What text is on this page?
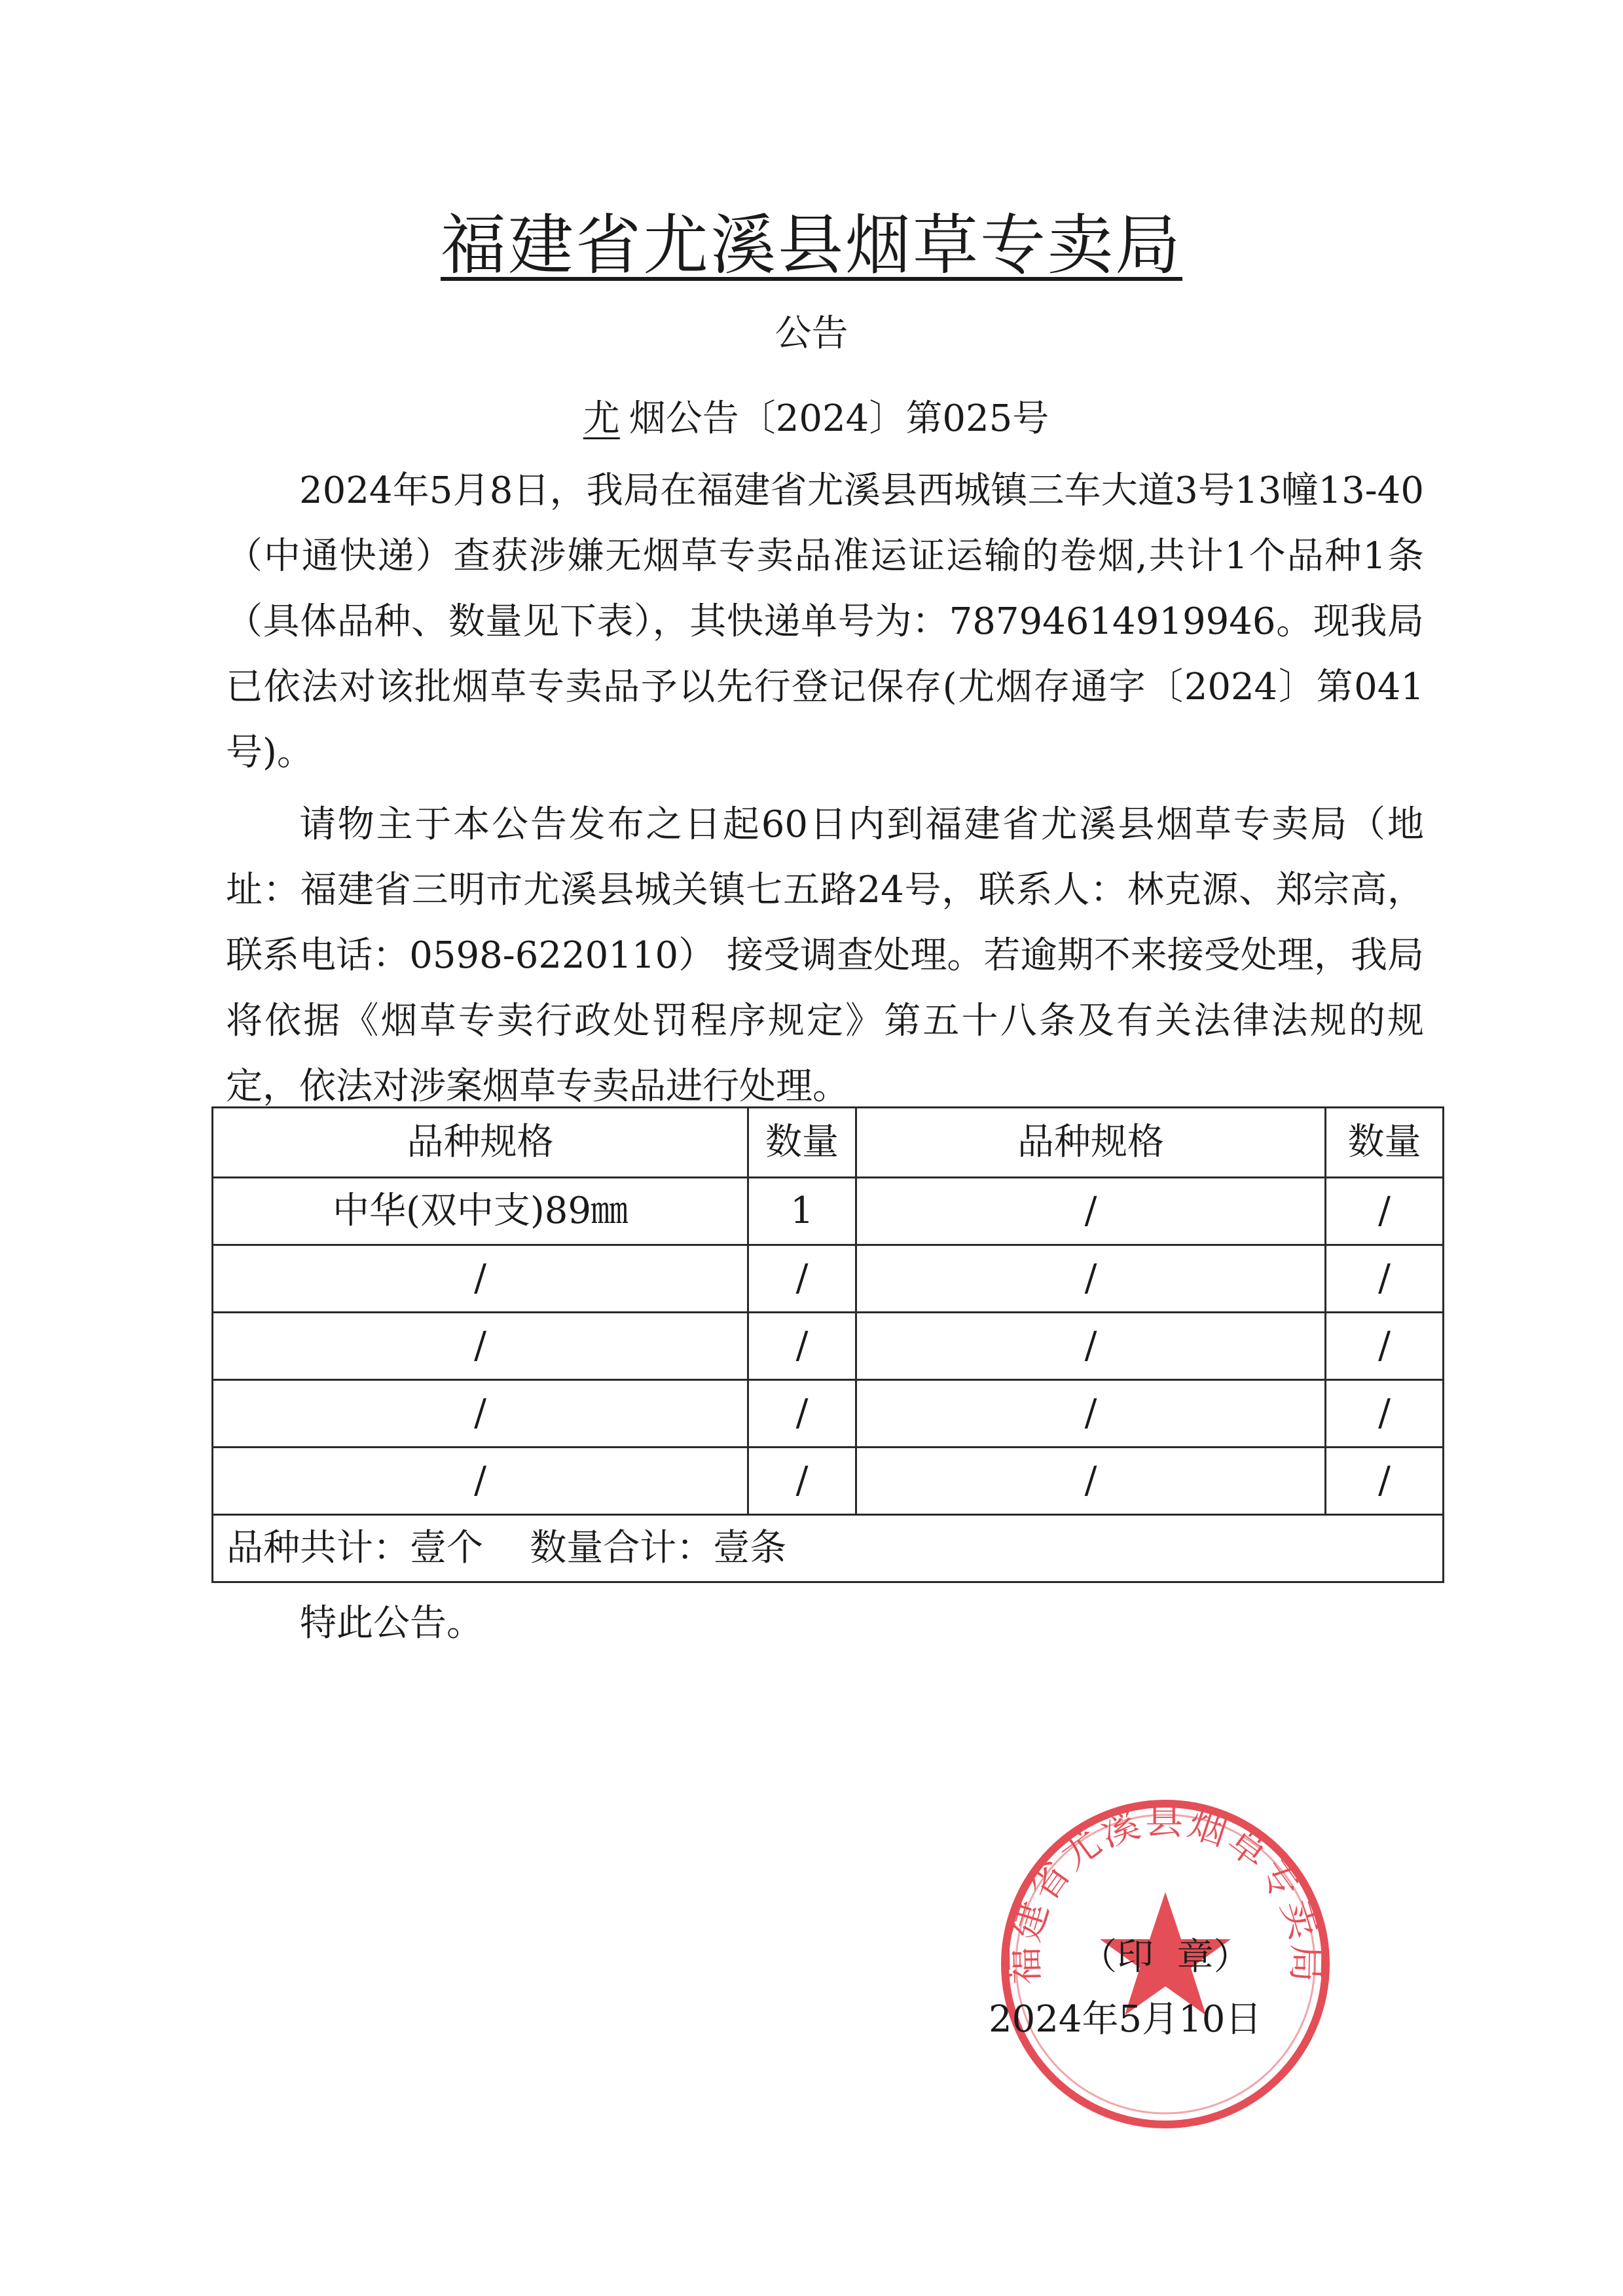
福建省尤溪县烟草专卖局
公告
尤 烟公告〔2024〕第025号

2024年5月8日，我局在福建省尤溪县西城镇三车大道3号13幢13-40（中通快递）查获涉嫌无烟草专卖品准运证运输的卷烟,共计1个品种1条（具体品种、数量见下表），其快递单号为：78794614919946。现我局已依法对该批烟草专卖品予以先行登记保存(尤烟存通字〔2024〕第041号)。

请物主于本公告发布之日起60日内到福建省尤溪县烟草专卖局（地址：福建省三明市尤溪县城关镇七五路24号，联系人：林克源、郑宗高，联系电话：0598-6220110） 接受调查处理。若逾期不来接受处理，我局将依据《烟草专卖行政处罚程序规定》第五十八条及有关法律法规的规定，依法对涉案烟草专卖品进行处理。

品种规格	数量	品种规格	数量
中华(双中支)89㎜	1	/	/
/	/	/	/
/	/	/	/
/	/	/	/
/	/	/	/
品种共计：壹个    数量合计：壹条			
特此公告。
福建省尤溪县烟草专卖局
（印  章）
2024年5月10日
